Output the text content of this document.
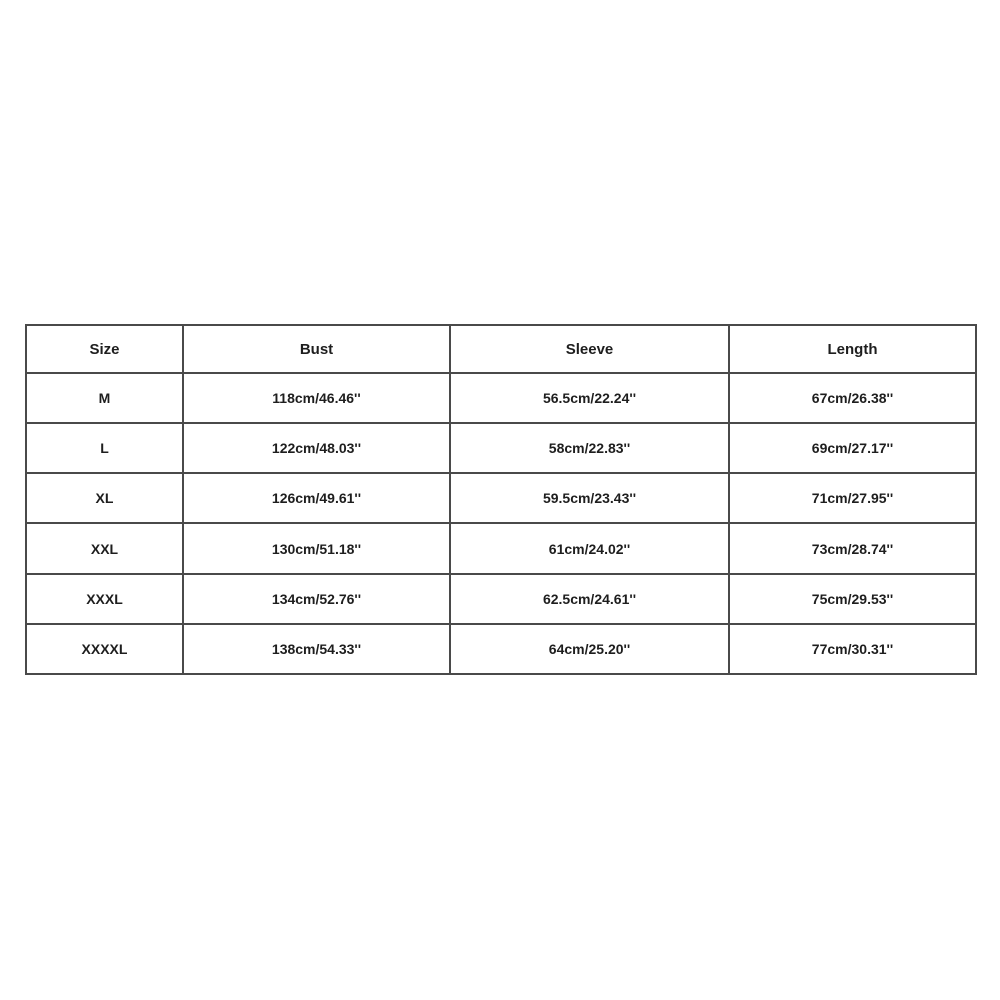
Size	Bust	Sleeve	Length
M	118cm/46.46''	56.5cm/22.24''	67cm/26.38''
L	122cm/48.03''	58cm/22.83''	69cm/27.17''
XL	126cm/49.61''	59.5cm/23.43''	71cm/27.95''
XXL	130cm/51.18''	61cm/24.02''	73cm/28.74''
XXXL	134cm/52.76''	62.5cm/24.61''	75cm/29.53''
XXXXL	138cm/54.33''	64cm/25.20''	77cm/30.31''
